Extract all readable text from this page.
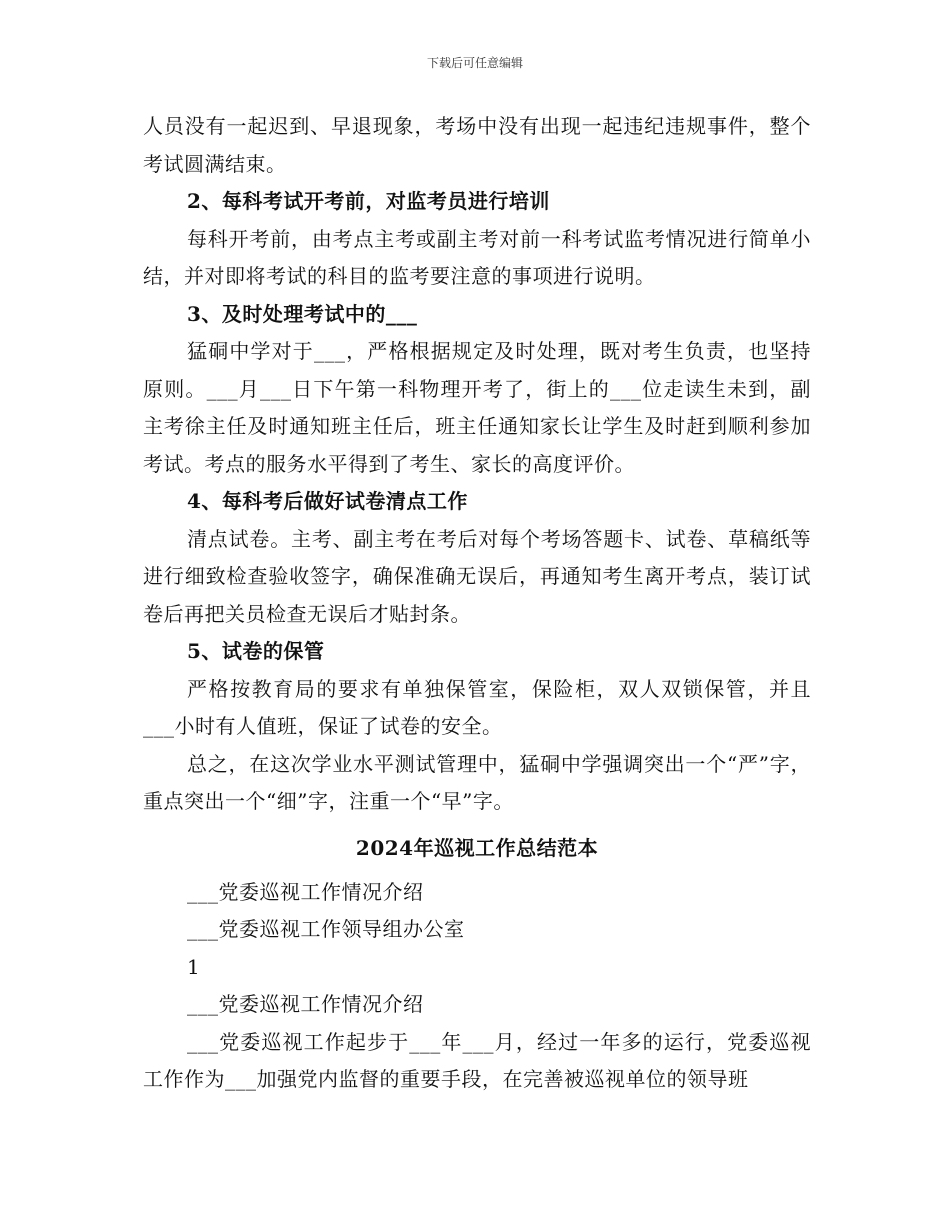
下载后可任意编辑

人员没有一起迟到、早退现象，考场中没有出现一起违纪违规事件，整个考试圆满结束。

2、每科考试开考前，对监考员进行培训

每科开考前，由考点主考或副主考对前一科考试监考情况进行简单小结，并对即将考试的科目的监考要注意的事项进行说明。

3、及时处理考试中的___

猛硐中学对于___，严格根据规定及时处理，既对考生负责，也坚持原则。___月___日下午第一科物理开考了，街上的___位走读生未到，副主考徐主任及时通知班主任后，班主任通知家长让学生及时赶到顺利参加考试。考点的服务水平得到了考生、家长的高度评价。

4、每科考后做好试卷清点工作

清点试卷。主考、副主考在考后对每个考场答题卡、试卷、草稿纸等进行细致检查验收签字，确保准确无误后，再通知考生离开考点，装订试卷后再把关员检查无误后才贴封条。

5、试卷的保管

严格按教育局的要求有单独保管室，保险柜，双人双锁保管，并且___小时有人值班，保证了试卷的安全。

总之，在这次学业水平测试管理中，猛硐中学强调突出一个“严”字，重点突出一个“细”字，注重一个“早”字。

2024年巡视工作总结范本

___党委巡视工作情况介绍

___党委巡视工作领导组办公室

1

___党委巡视工作情况介绍

___党委巡视工作起步于___年___月，经过一年多的运行，党委巡视工作作为___加强党内监督的重要手段，在完善被巡视单位的领导班
